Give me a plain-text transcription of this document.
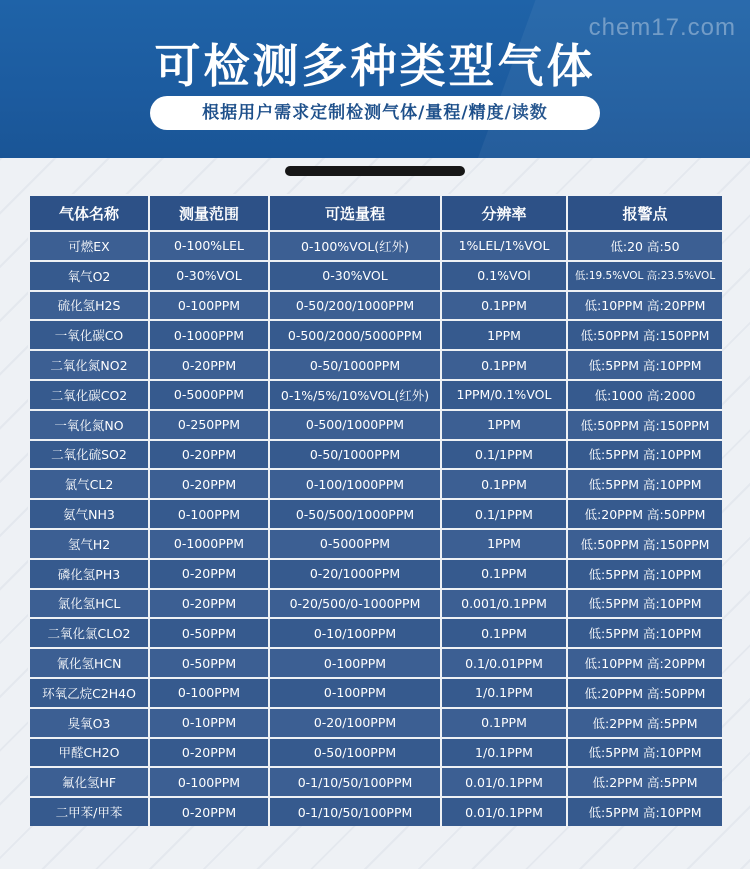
chem17.com
可检测多种类型气体
根据用户需求定制检测气体/量程/精度/读数
气体名称	测量范围	可选量程	分辨率	报警点
可燃EX	0-100%LEL	0-100%VOL(红外)	1%LEL/1%VOL	低:20 高:50
氧气O2	0-30%VOL	0-30%VOL	0.1%VOl	低:19.5%VOL 高:23.5%VOL
硫化氢H2S	0-100PPM	0-50/200/1000PPM	0.1PPM	低:10PPM 高:20PPM
一氧化碳CO	0-1000PPM	0-500/2000/5000PPM	1PPM	低:50PPM 高:150PPM
二氧化氮NO2	0-20PPM	0-50/1000PPM	0.1PPM	低:5PPM 高:10PPM
二氧化碳CO2	0-5000PPM	0-1%/5%/10%VOL(红外)	1PPM/0.1%VOL	低:1000 高:2000
一氧化氮NO	0-250PPM	0-500/1000PPM	1PPM	低:50PPM 高:150PPM
二氧化硫SO2	0-20PPM	0-50/1000PPM	0.1/1PPM	低:5PPM 高:10PPM
氯气CL2	0-20PPM	0-100/1000PPM	0.1PPM	低:5PPM 高:10PPM
氨气NH3	0-100PPM	0-50/500/1000PPM	0.1/1PPM	低:20PPM 高:50PPM
氢气H2	0-1000PPM	0-5000PPM	1PPM	低:50PPM 高:150PPM
磷化氢PH3	0-20PPM	0-20/1000PPM	0.1PPM	低:5PPM 高:10PPM
氯化氢HCL	0-20PPM	0-20/500/0-1000PPM	0.001/0.1PPM	低:5PPM 高:10PPM
二氧化氯CLO2	0-50PPM	0-10/100PPM	0.1PPM	低:5PPM 高:10PPM
氰化氢HCN	0-50PPM	0-100PPM	0.1/0.01PPM	低:10PPM 高:20PPM
环氧乙烷C2H4O	0-100PPM	0-100PPM	1/0.1PPM	低:20PPM 高:50PPM
臭氧O3	0-10PPM	0-20/100PPM	0.1PPM	低:2PPM 高:5PPM
甲醛CH2O	0-20PPM	0-50/100PPM	1/0.1PPM	低:5PPM 高:10PPM
氟化氢HF	0-100PPM	0-1/10/50/100PPM	0.01/0.1PPM	低:2PPM 高:5PPM
二甲苯/甲苯	0-20PPM	0-1/10/50/100PPM	0.01/0.1PPM	低:5PPM 高:10PPM
